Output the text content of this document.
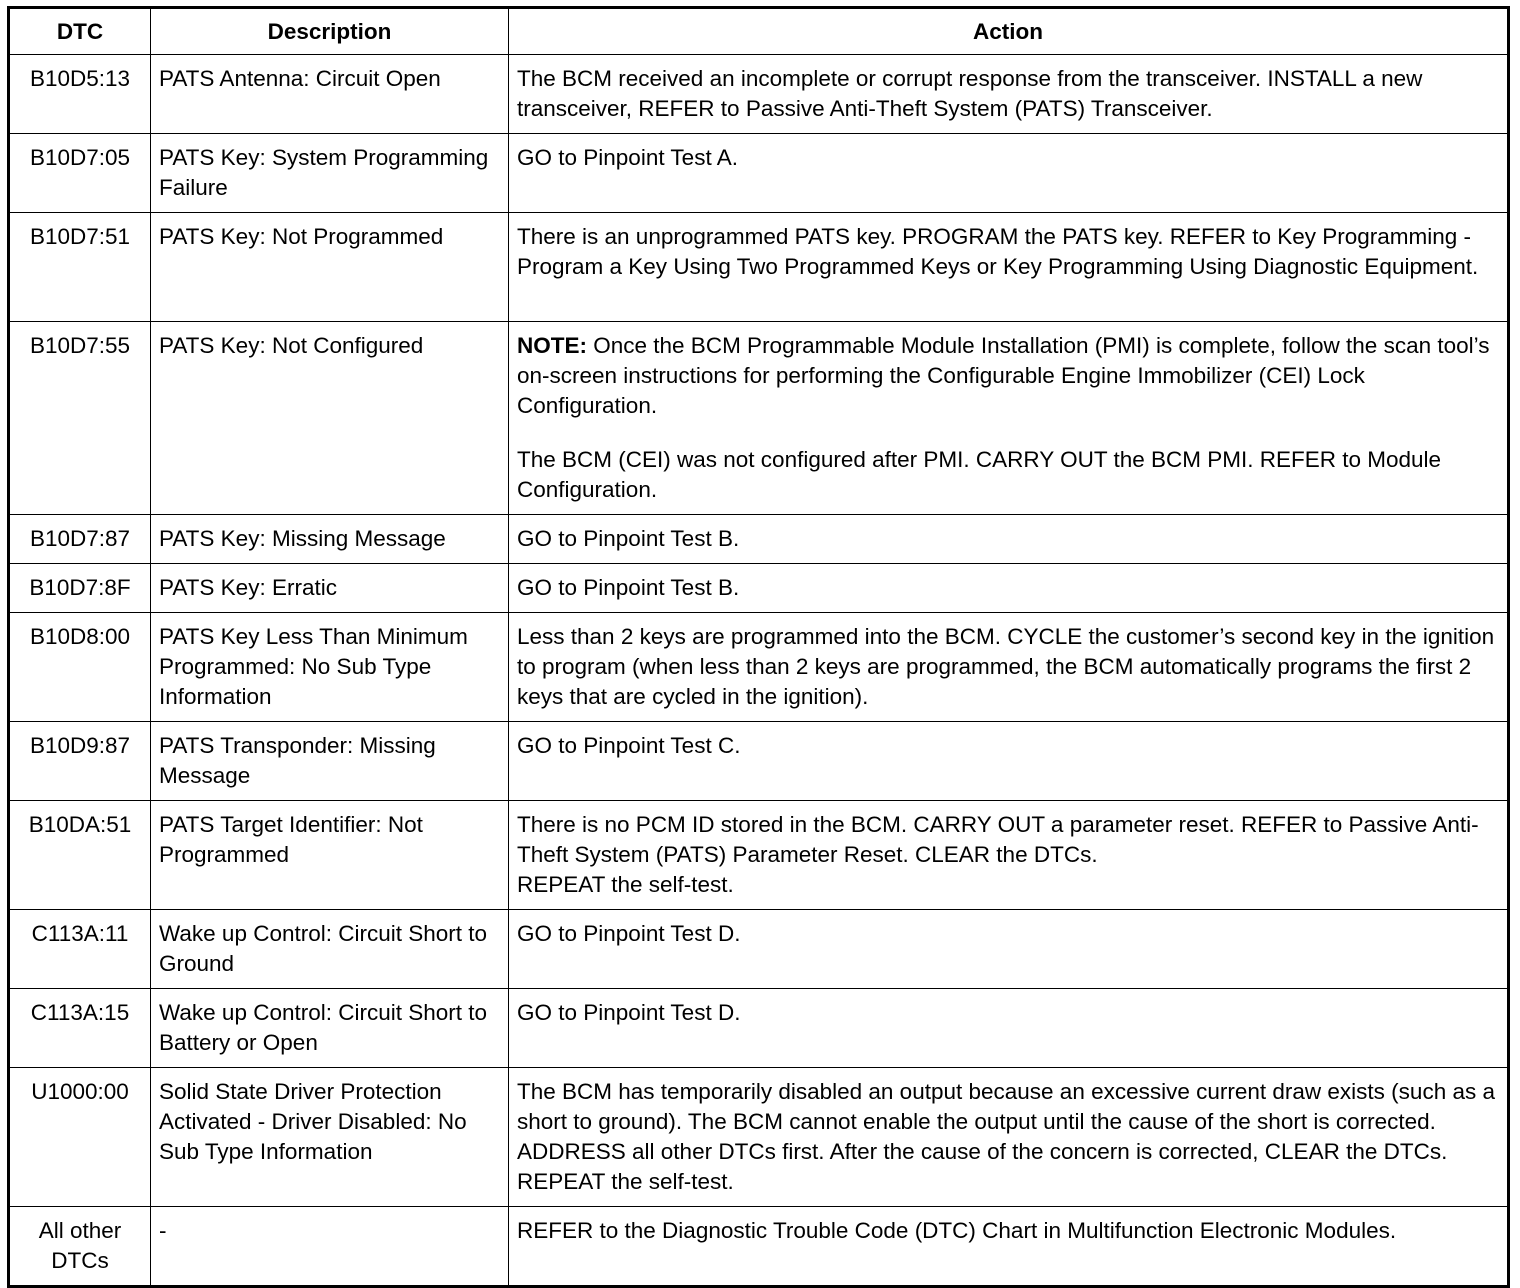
DTC	Description	Action
B10D5:13	PATS Antenna: Circuit Open	The BCM received an incomplete or corrupt response from the transceiver. INSTALL a new transceiver, REFER to Passive Anti-Theft System (PATS) Transceiver.
B10D7:05	PATS Key: System Programming Failure	GO to Pinpoint Test A.
B10D7:51	PATS Key: Not Programmed	There is an unprogrammed PATS key. PROGRAM the PATS key. REFER to Key Programming - Program a Key Using Two Programmed Keys or Key Programming Using Diagnostic Equipment.
B10D7:55	PATS Key: Not Configured	NOTE: Once the BCM Programmable Module Installation (PMI) is complete, follow the scan tool’s on-screen instructions for performing the Configurable Engine Immobilizer (CEI) Lock Configuration.
The BCM (CEI) was not configured after PMI. CARRY OUT the BCM PMI. REFER to Module Configuration.

B10D7:87	PATS Key: Missing Message	GO to Pinpoint Test B.
B10D7:8F	PATS Key: Erratic	GO to Pinpoint Test B.
B10D8:00	PATS Key Less Than Minimum Programmed: No Sub Type Information	Less than 2 keys are programmed into the BCM. CYCLE the customer’s second key in the ignition to program (when less than 2 keys are programmed, the BCM automatically programs the first 2 keys that are cycled in the ignition).
B10D9:87	PATS Transponder: Missing Message	GO to Pinpoint Test C.
B10DA:51	PATS Target Identifier: Not Programmed	There is no PCM ID stored in the BCM. CARRY OUT a parameter reset. REFER to Passive Anti-Theft System (PATS) Parameter Reset. CLEAR the DTCs.
REPEAT the self-test.

C113A:11	Wake up Control: Circuit Short to Ground	GO to Pinpoint Test D.
C113A:15	Wake up Control: Circuit Short to Battery or Open	GO to Pinpoint Test D.
U1000:00	Solid State Driver Protection Activated - Driver Disabled: No Sub Type Information	The BCM has temporarily disabled an output because an excessive current draw exists (such as a short to ground). The BCM cannot enable the output until the cause of the short is corrected. ADDRESS all other DTCs first. After the cause of the concern is corrected, CLEAR the DTCs. REPEAT the self-test.
All other DTCs	-	REFER to the Diagnostic Trouble Code (DTC) Chart in Multifunction Electronic Modules.
